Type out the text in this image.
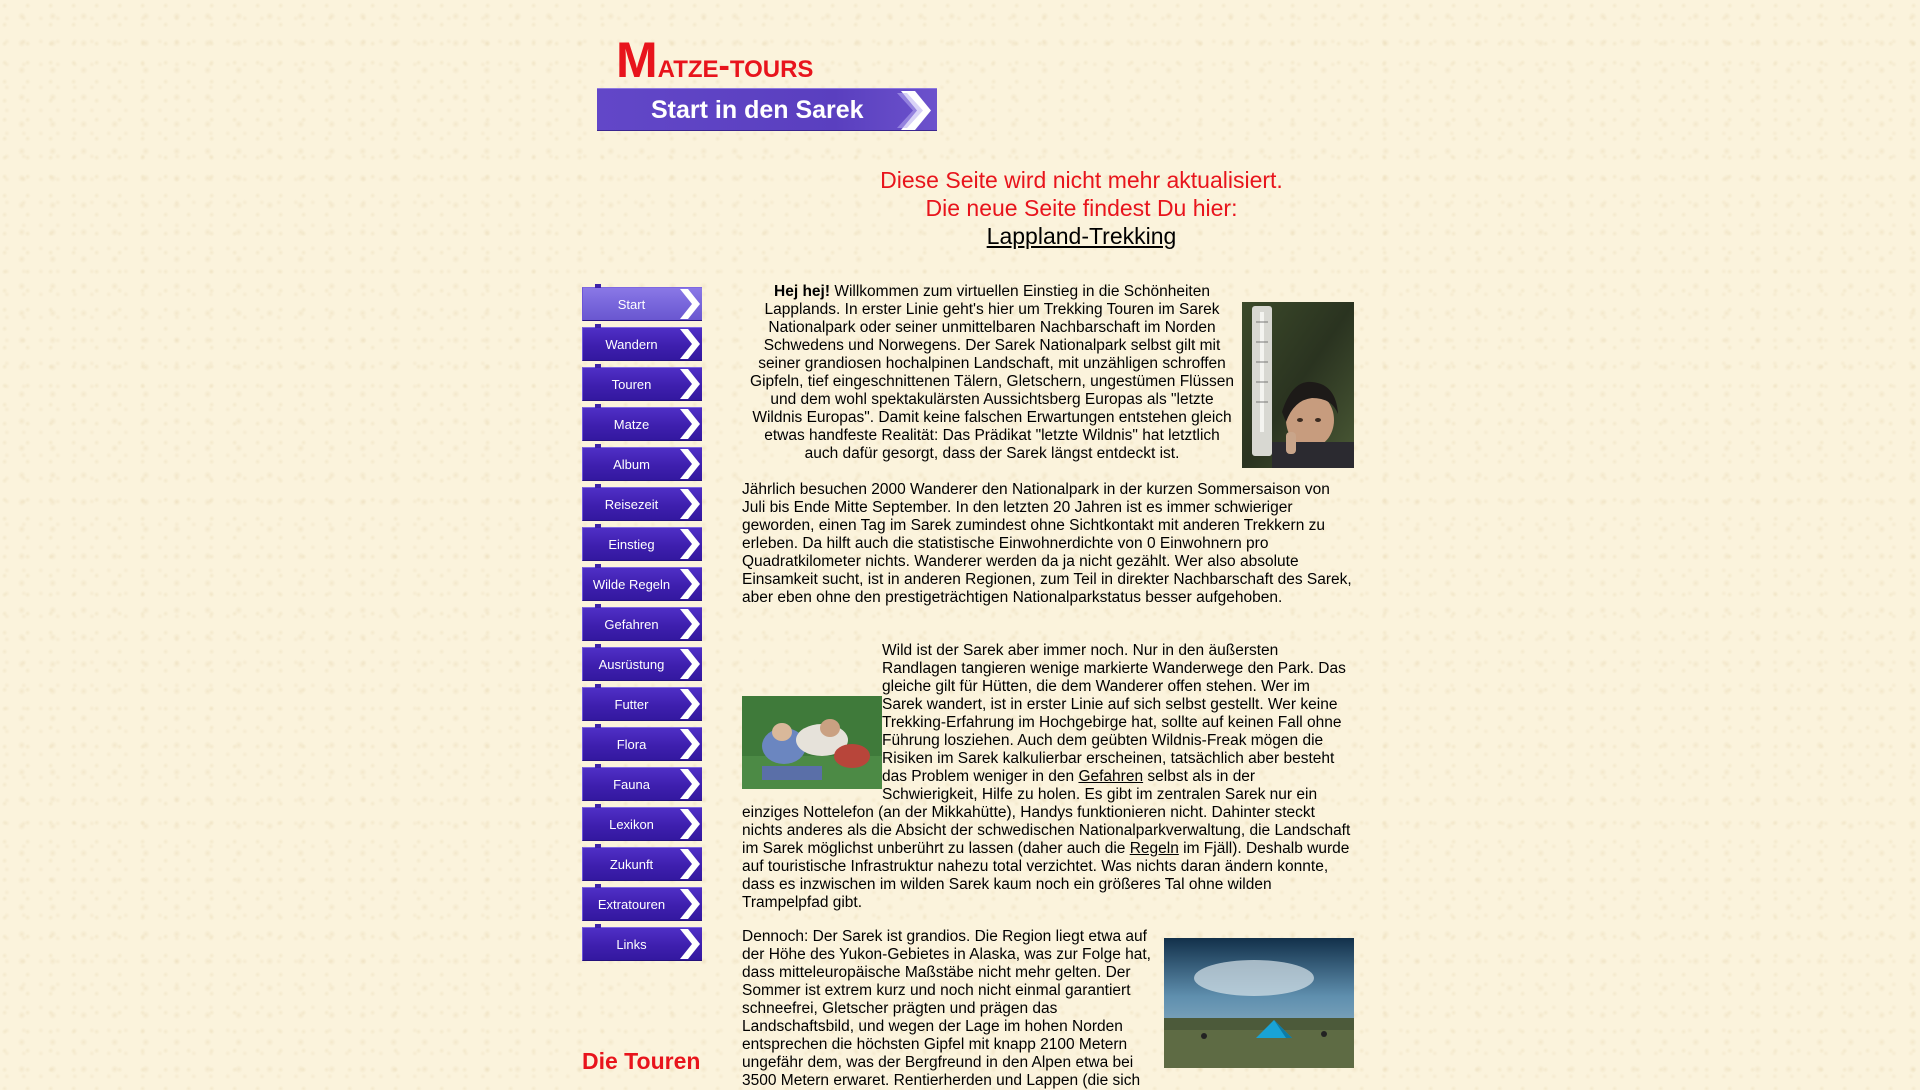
Matze-tours
Start in den Sarek
Diese Seite wird nicht mehr aktualisiert.
Die neue Seite findest Du hier:
Lappland-Trekking
Start
Wandern
Touren
Matze
Album
Reisezeit
Einstieg
Wilde Regeln
Gefahren
Ausrüstung
Futter
Flora
Fauna
Lexikon
Zukunft
Extratouren
Links
Die Touren

Hej hej! Willkommen zum virtuellen Einstieg in die Schönheiten Lapplands. In erster Linie geht's hier um Trekking Touren im Sarek Nationalpark oder seiner unmittelbaren Nachbarschaft im Norden Schwedens und Norwegens. Der Sarek Nationalpark selbst gilt mit seiner grandiosen hochalpinen Landschaft, mit unzähligen schroffen Gipfeln, tief eingeschnittenen Tälern, Gletschern, ungestümen Flüssen und dem wohl spektakulärsten Aussichtsberg Europas als "letzte Wildnis Europas". Damit keine falschen Erwartungen entstehen gleich etwas handfeste Realität: Das Prädikat "letzte Wildnis" hat letztlich auch dafür gesorgt, dass der Sarek längst entdeckt ist.

Jährlich besuchen 2000 Wanderer den Nationalpark in der kurzen Sommersaison von Juli bis Ende Mitte September. In den letzten 20 Jahren ist es immer schwieriger geworden, einen Tag im Sarek zumindest ohne Sichtkontakt mit anderen Trekkern zu erleben. Da hilft auch die statistische Einwohnerdichte von 0 Einwohnern pro Quadratkilometer nichts. Wanderer werden da ja nicht gezählt. Wer also absolute Einsamkeit sucht, ist in anderen Regionen, zum Teil in direkter Nachbarschaft des Sarek, aber eben ohne den prestigeträchtigen Nationalparkstatus besser aufgehoben.

Wild ist der Sarek aber immer noch. Nur in den äußersten Randlagen tangieren wenige markierte Wanderwege den Park. Das gleiche gilt für Hütten, die dem Wanderer offen stehen. Wer im Sarek wandert, ist in erster Linie auf sich selbst gestellt. Wer keine Trekking-Erfahrung im Hochgebirge hat, sollte auf keinen Fall ohne Führung losziehen. Auch dem geübten Wildnis-Freak mögen die Risiken im Sarek kalkulierbar erscheinen, tatsächlich aber besteht das Problem weniger in den Gefahren selbst als in der Schwierigkeit, Hilfe zu holen. Es gibt im zentralen Sarek nur ein einziges Nottelefon (an der Mikkahütte), Handys funktionieren nicht. Dahinter steckt nichts anderes als die Absicht der schwedischen Nationalparkverwaltung, die Landschaft im Sarek möglichst unberührt zu lassen (daher auch die Regeln im Fjäll). Deshalb wurde auf touristische Infrastruktur nahezu total verzichtet. Was nichts daran ändern konnte, dass es inzwischen im wilden Sarek kaum noch ein größeres Tal ohne wilden Trampelpfad gibt.

Dennoch: Der Sarek ist grandios. Die Region liegt etwa auf der Höhe des Yukon-Gebietes in Alaska, was zur Folge hat, dass mitteleuropäische Maßstäbe nicht mehr gelten. Der Sommer ist extrem kurz und noch nicht einmal garantiert schneefrei, Gletscher prägten und prägen das Landschaftsbild, und wegen der Lage im hohen Norden entsprechen die höchsten Gipfel mit knapp 2100 Metern ungefähr dem, was der Bergfreund in den Alpen etwa bei 3500 Metern erwaret. Rentierherden und Lappen (die sich
